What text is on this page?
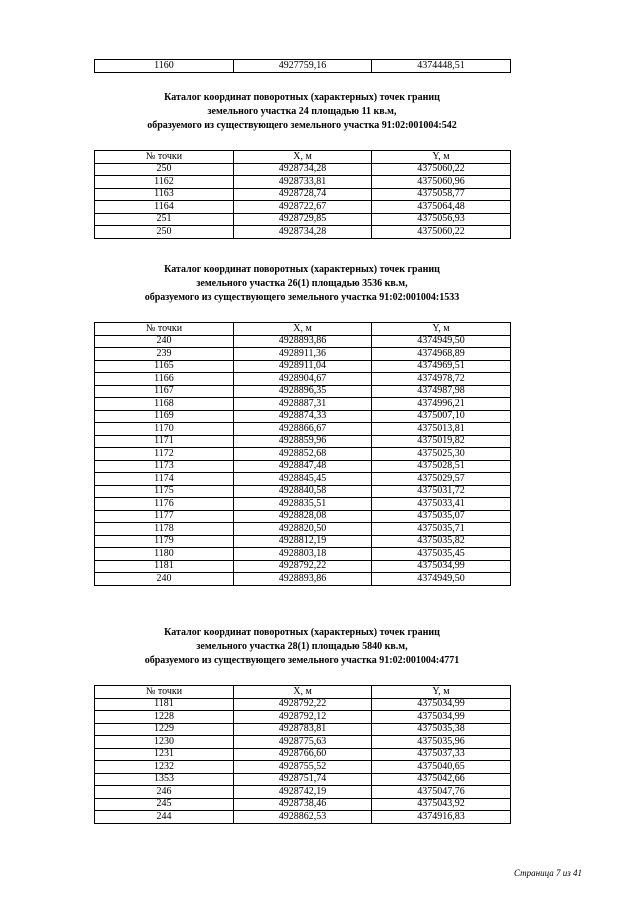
1160	4927759,16	4374448,51
Каталог координат поворотных (характерных) точек границ
земельного участка 24 площадью 11 кв.м,
образуемого из существующего земельного участка 91:02:001004:542
№ точки	X, м	Y, м
250	4928734,28	4375060,22
1162	4928733,81	4375060,96
1163	4928728,74	4375058,77
1164	4928722,67	4375064,48
251	4928729,85	4375056,93
250	4928734,28	4375060,22
Каталог координат поворотных (характерных) точек границ
земельного участка 26(1) площадью 3536 кв.м,
образуемого из существующего земельного участка 91:02:001004:1533
№ точки	X, м	Y, м
240	4928893,86	4374949,50
239	4928911,36	4374968,89
1165	4928911,04	4374969,51
1166	4928904,67	4374978,72
1167	4928896,35	4374987,98
1168	4928887,31	4374996,21
1169	4928874,33	4375007,10
1170	4928866,67	4375013,81
1171	4928859,96	4375019,82
1172	4928852,68	4375025,30
1173	4928847,48	4375028,51
1174	4928845,45	4375029,57
1175	4928840,58	4375031,72
1176	4928835,51	4375033,41
1177	4928828,08	4375035,07
1178	4928820,50	4375035,71
1179	4928812,19	4375035,82
1180	4928803,18	4375035,45
1181	4928792,22	4375034,99
240	4928893,86	4374949,50
Каталог координат поворотных (характерных) точек границ
земельного участка 28(1) площадью 5840 кв.м,
образуемого из существующего земельного участка 91:02:001004:4771
№ точки	X, м	Y, м
1181	4928792,22	4375034,99
1228	4928792,12	4375034,99
1229	4928783,81	4375035,38
1230	4928775,63	4375035,96
1231	4928766,60	4375037,33
1232	4928755,52	4375040,65
1353	4928751,74	4375042,66
246	4928742,19	4375047,76
245	4928738,46	4375043,92
244	4928862,53	4374916,83
Страница 7 из 41
